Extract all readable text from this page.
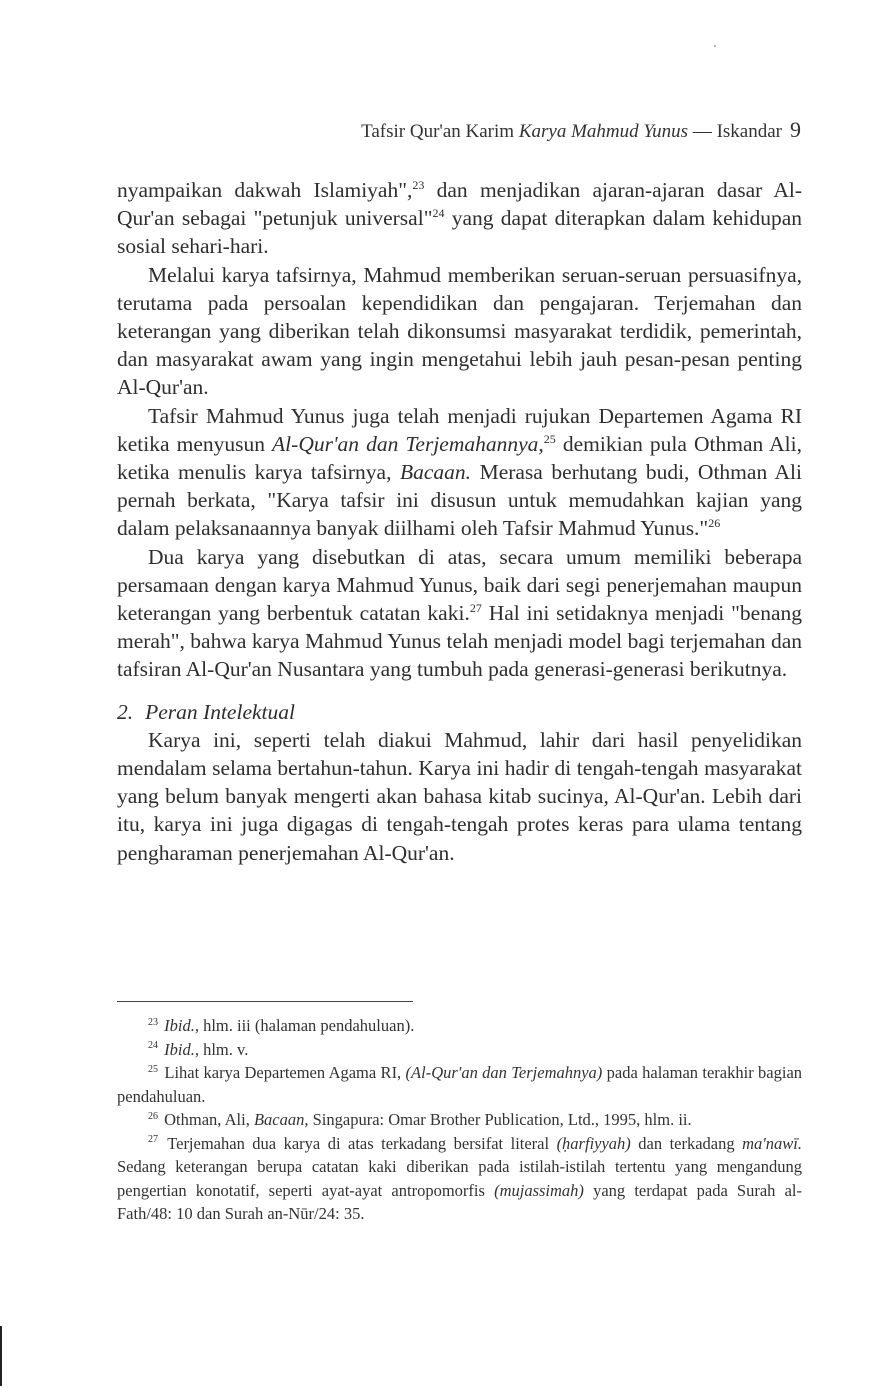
Tafsir Qur'an Karim Karya Mahmud Yunus — Iskandar 9

nyampaikan dakwah Islamiyah",$^{23}$ dan menjadikan ajaran-ajaran dasar Al-Qur'an sebagai "petunjuk universal"$^{24}$ yang dapat diterapkan dalam kehidupan sosial sehari-hari.

Melalui karya tafsirnya, Mahmud memberikan seruan-seruan persuasifnya, terutama pada persoalan kependidikan dan pengajaran. Terjemahan dan keterangan yang diberikan telah dikonsumsi masyarakat terdidik, pemerintah, dan masyarakat awam yang ingin mengetahui lebih jauh pesan-pesan penting Al-Qur'an.

Tafsir Mahmud Yunus juga telah menjadi rujukan Departemen Agama RI ketika menyusun Al-Qur'an dan Terjemahannya,$^{25}$ demikian pula Othman Ali, ketika menulis karya tafsirnya, Bacaan. Merasa berhutang budi, Othman Ali pernah berkata, "Karya tafsir ini disusun untuk memudahkan kajian yang dalam pelaksanaannya banyak diilhami oleh Tafsir Mahmud Yunus."$^{26}$

Dua karya yang disebutkan di atas, secara umum memiliki beberapa persamaan dengan karya Mahmud Yunus, baik dari segi penerjemahan maupun keterangan yang berbentuk catatan kaki.$^{27}$ Hal ini setidaknya menjadi "benang merah", bahwa karya Mahmud Yunus telah menjadi model bagi terjemahan dan tafsiran Al-Qur'an Nusantara yang tumbuh pada generasi-generasi berikutnya.

2. Peran Intelektual

Karya ini, seperti telah diakui Mahmud, lahir dari hasil penyelidikan mendalam selama bertahun-tahun. Karya ini hadir di tengah-tengah masyarakat yang belum banyak mengerti akan bahasa kitab sucinya, Al-Qur'an. Lebih dari itu, karya ini juga digagas di tengah-tengah protes keras para ulama tentang pengharaman penerjemahan Al-Qur'an.

$^{23}$ Ibid., hlm. iii (halaman pendahuluan).

$^{24}$ Ibid., hlm. v.

$^{25}$ Lihat karya Departemen Agama RI, (Al-Qur'an dan Terjemahnya) pada halaman terakhir bagian pendahuluan.

$^{26}$ Othman, Ali, Bacaan, Singapura: Omar Brother Publication, Ltd., 1995, hlm. ii.

$^{27}$ Terjemahan dua karya di atas terkadang bersifat literal (ḥarfiyyah) dan terkadang ma'nawī. Sedang keterangan berupa catatan kaki diberikan pada istilah-istilah tertentu yang mengandung pengertian konotatif, seperti ayat-ayat antropomorfis (mujassimah) yang terdapat pada Surah al-Fath/48: 10 dan Surah an-Nūr/24: 35.
